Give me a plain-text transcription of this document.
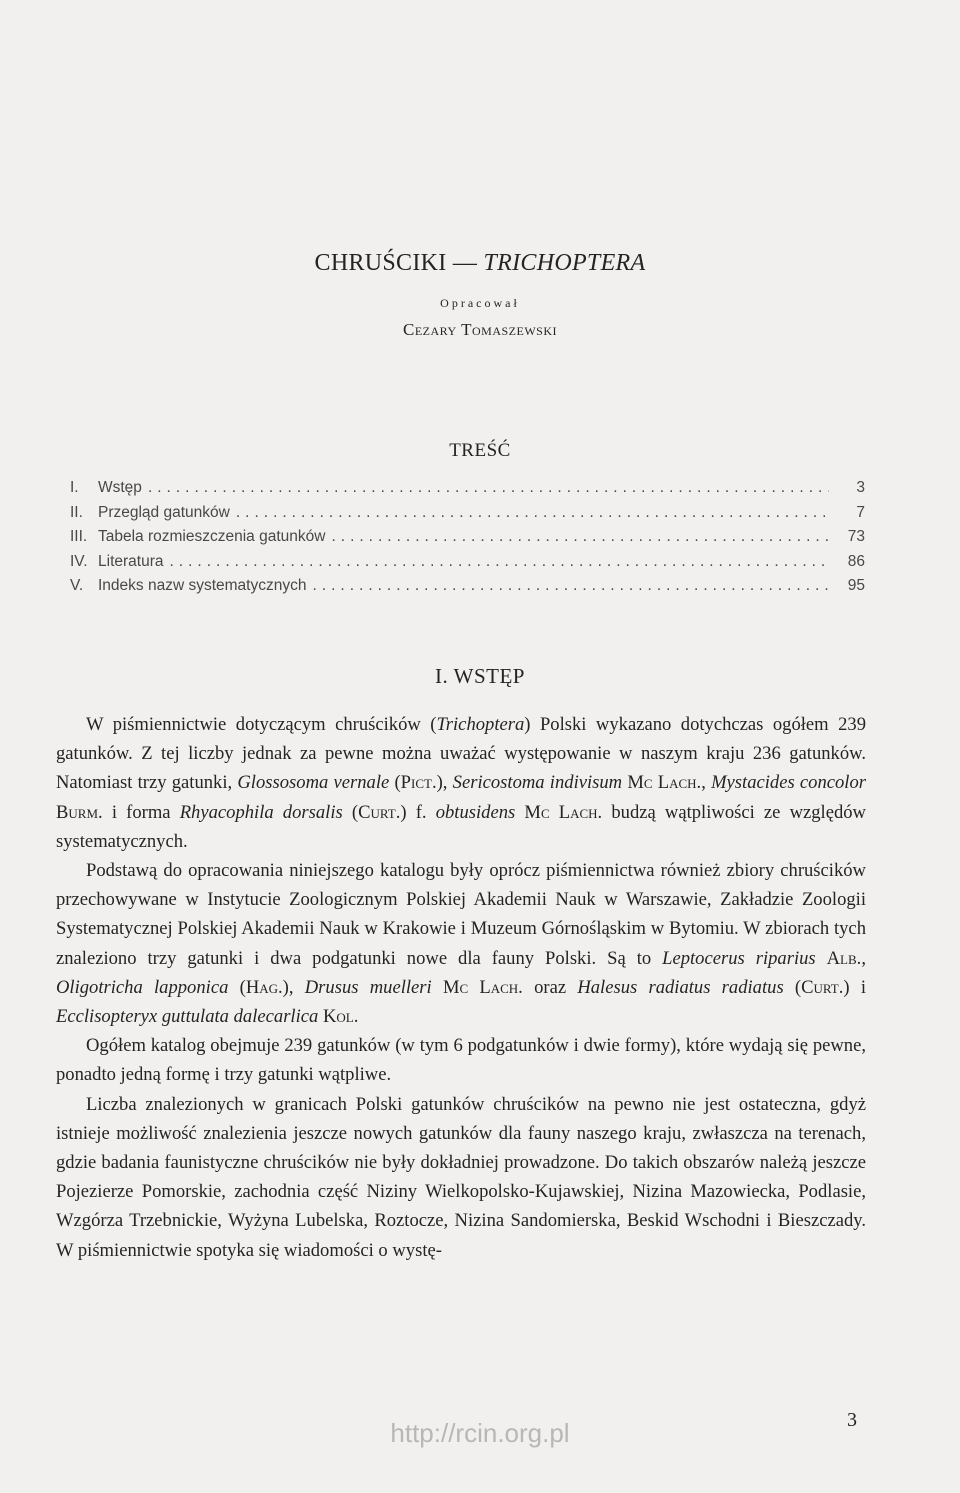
CHRUŚCIKI — TRICHOPTERA
Opracował
Cezary Tomaszewski
TREŚĆ
I.	Wstęp .....	3
II. Przegląd gatunków .....	7
III. Tabela rozmieszczenia gatunków .....	73
IV. Literatura .....	86
V. Indeks nazw systematycznych .....	95
I. WSTĘP

W piśmiennictwie dotyczącym chruścików (Trichoptera) Polski wykazano dotychczas ogółem 239 gatunków. Z tej liczby jednak za pewne można uważać występowanie w naszym kraju 236 gatunków. Natomiast trzy gatunki, Glossosoma vernale (Pict.), Sericostoma indivisum Mc Lach., Mystacides concolor Burm. i forma Rhyacophila dorsalis (Curt.) f. obtusidens Mc Lach. budzą wątpliwości ze względów systematycznych.

Podstawą do opracowania niniejszego katalogu były oprócz piśmiennictwa również zbiory chruścików przechowywane w Instytucie Zoologicznym Polskiej Akademii Nauk w Warszawie, Zakładzie Zoologii Systematycznej Polskiej Akademii Nauk w Krakowie i Muzeum Górnośląskim w Bytomiu. W zbiorach tych znaleziono trzy gatunki i dwa podgatunki nowe dla fauny Polski. Są to Leptocerus riparius Alb., Oligotricha lapponica (Hag.), Drusus muelleri Mc Lach. oraz Halesus radiatus radiatus (Curt.) i Ecclisopteryx guttulata dalecarlica Kol.

Ogółem katalog obejmuje 239 gatunków (w tym 6 podgatunków i dwie formy), które wydają się pewne, ponadto jedną formę i trzy gatunki wątpliwe.

Liczba znalezionych w granicach Polski gatunków chruścików na pewno nie jest ostateczna, gdyż istnieje możliwość znalezienia jeszcze nowych gatunków dla fauny naszego kraju, zwłaszcza na terenach, gdzie badania faunistyczne chruścików nie były dokładniej prowadzone. Do takich obszarów należą jeszcze Pojezierze Pomorskie, zachodnia część Niziny Wielkopolsko-Kujawskiej, Nizina Mazowiecka, Podlasie, Wzgórza Trzebnickie, Wyżyna Lubelska, Roztocze, Nizina Sandomierska, Beskid Wschodni i Bieszczady. W piśmiennictwie spotyka się wiadomości o wystę-

3
http://rcin.org.pl
